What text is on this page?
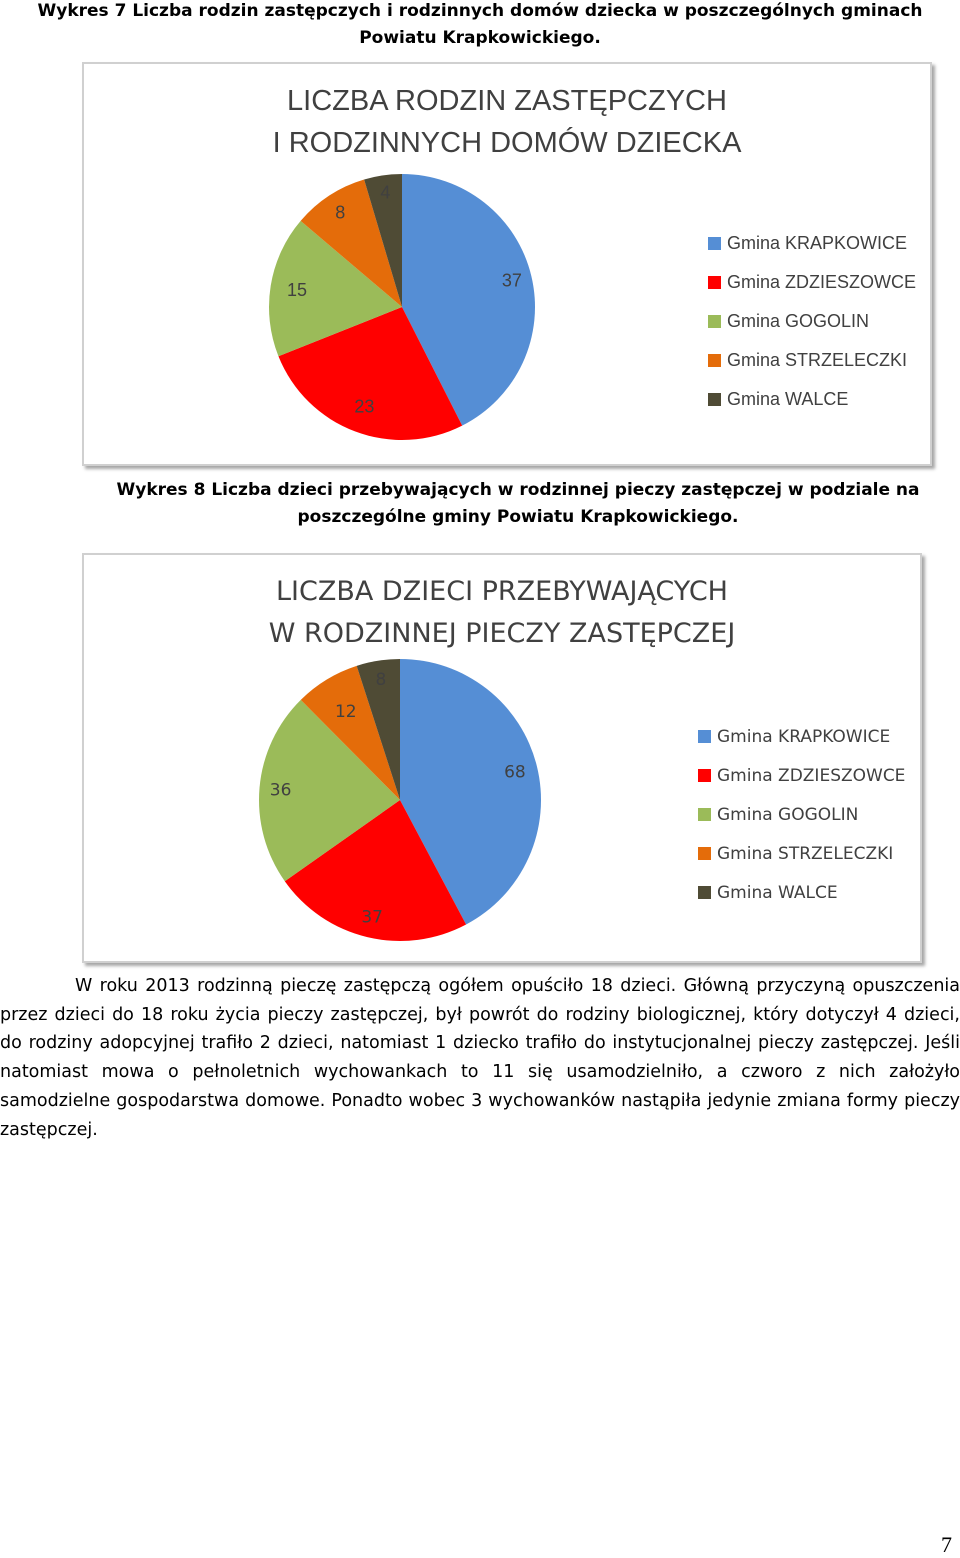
Wykres 7 Liczba rodzin zastępczych i rodzinnych domów dziecka w poszczególnych gminach Powiatu Krapkowickiego.
LICZBA RODZIN ZASTĘPCZYCH
I RODZINNYCH DOMÓW DZIECKA
37
23
15
8
4
Gmina KRAPKOWICE
Gmina ZDZIESZOWCE
Gmina GOGOLIN
Gmina STRZELECZKI
Gmina WALCE
Wykres 8 Liczba dzieci przebywających w rodzinnej pieczy zastępczej w podziale na poszczególne gminy Powiatu Krapkowickiego.
LICZBA DZIECI PRZEBYWAJĄCYCH
W RODZINNEJ PIECZY ZASTĘPCZEJ
68
37
36
12
8
Gmina KRAPKOWICE
Gmina ZDZIESZOWCE
Gmina GOGOLIN
Gmina STRZELECZKI
Gmina WALCE

W roku 2013 rodzinną pieczę zastępczą ogółem opuściło 18 dzieci. Główną przyczyną opuszczenia przez dzieci do 18 roku życia pieczy zastępczej, był powrót do rodziny biologicznej, który dotyczył 4 dzieci, do rodziny adopcyjnej trafiło 2 dzieci, natomiast 1 dziecko trafiło do instytucjonalnej pieczy zastępczej. Jeśli natomiast mowa o pełnoletnich wychowankach to 11 się usamodzielniło, a czworo z nich założyło samodzielne gospodarstwa domowe. Ponadto wobec 3 wychowanków nastąpiła jedynie zmiana formy pieczy zastępczej.

7
